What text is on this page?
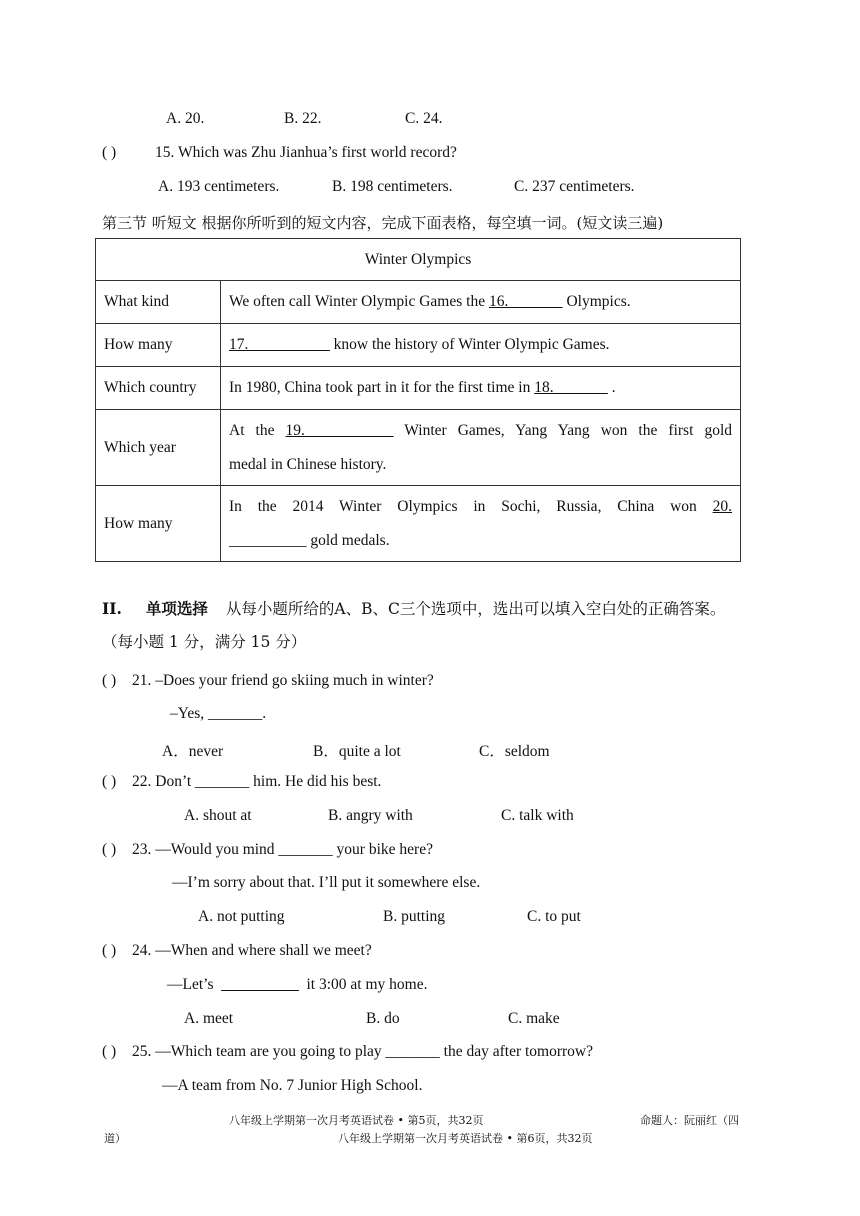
A. 20.	B. 22.	C. 24.
( )	15. Which was Zhu Jianhua’s first world record?
A. 193 centimeters.	B. 198 centimeters.	C. 237 centimeters.
第三节 听短文 根据你所听到的短文内容，完成下面表格，每空填一词。(短文读三遍)
Winter Olympics	
What kind	We often call Winter Olympic Games the 16. _            Olympics.
How many	17. __________ know the history of Winter Olympic Games.
Which country	In 1980, China took part in it for the first time in 18. __          .
Which year	At the 19. __________ Winter Games, Yang Yang won the first gold
medal in Chinese history.

How many	In the 2014 Winter Olympics in Sochi, Russia, China won 20.
__________ gold medals.
II. 单项选择 从每小题所给的A、B、C三个选项中，选出可以填入空白处的正确答案。
（每小题 1 分，满分 15 分）
( ) 21. –Does your friend go skiing much in winter?
–Yes, _______.
A．never	B．quite a lot	C．seldom
( ) 22. Don’t _______ him. He did his best.
A. shout at	B. angry with	C. talk with
( ) 23. —Would you mind _______ your bike here?
—I’m sorry about that. I’ll put it somewhere else.
A. not putting	B. putting	C. to put
( ) 24. —When and where shall we meet?
—Let’s  __________  it 3:00 at my home.
A. meet	B. do	C. make
( ) 25. —Which team are you going to play _______ the day after tomorrow?
—A team from No. 7 Junior High School.
八年级上学期第一次月考英语试卷 • 第5页，共32页	命题人：阮丽红（四
道）	八年级上学期第一次月考英语试卷 • 第6页，共32页
